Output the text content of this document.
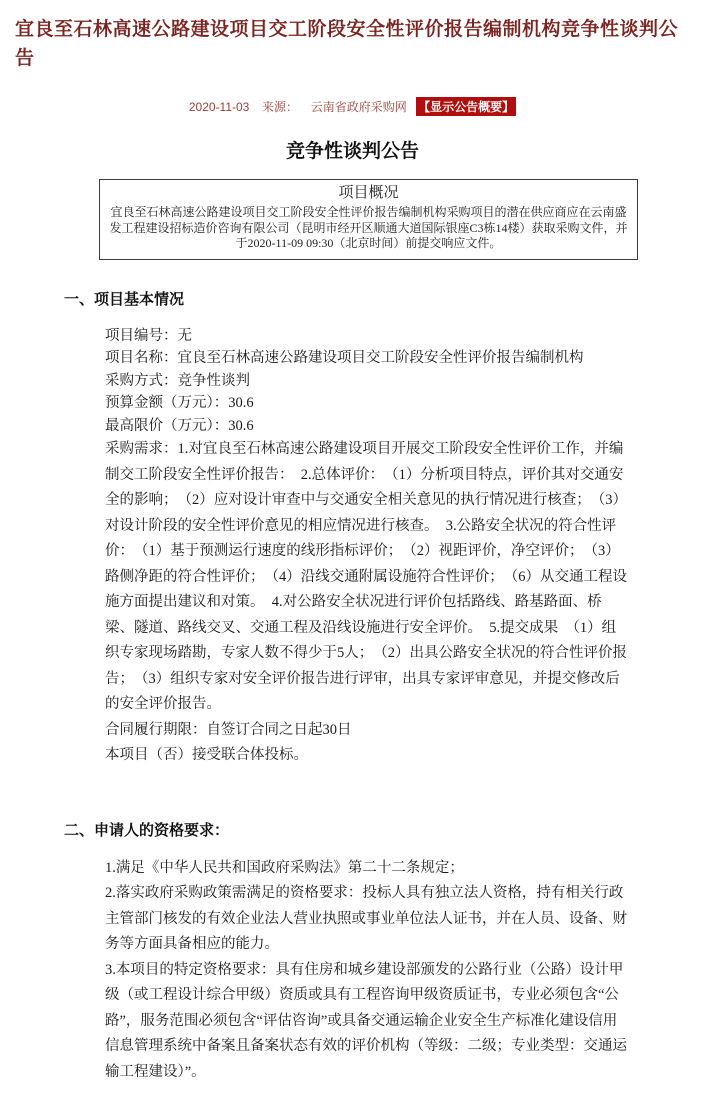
宜良至石林高速公路建设项目交工阶段安全性评价报告编制机构竞争性谈判公告
2020-11-03 来源： 云南省政府采购网 【显示公告概要】
竞争性谈判公告
项目概况
宜良至石林高速公路建设项目交工阶段安全性评价报告编制机构采购项目的潜在供应商应在云南盛发工程建设招标造价咨询有限公司（昆明市经开区顺通大道国际银座C3栋14楼）获取采购文件，并于2020-11-09 09:30（北京时间）前提交响应文件。
一、项目基本情况

项目编号：无

项目名称：宜良至石林高速公路建设项目交工阶段安全性评价报告编制机构

采购方式：竞争性谈判

预算金额（万元）：30.6

最高限价（万元）：30.6

采购需求：1.对宜良至石林高速公路建设项目开展交工阶段安全性评价工作，并编制交工阶段安全性评价报告：　2.总体评价：　（1）分析项目特点，评价其对交通安全的影响；　（2）应对设计审查中与交通安全相关意见的执行情况进行核查；　（3）对设计阶段的安全性评价意见的相应情况进行核查。　3.公路安全状况的符合性评价：　（1）基于预测运行速度的线形指标评价；　（2）视距评价，净空评价；　（3）路侧净距的符合性评价；　（4）沿线交通附属设施符合性评价；　（6）从交通工程设施方面提出建议和对策。　4.对公路安全状况进行评价包括路线、路基路面、桥梁、隧道、路线交叉、交通工程及沿线设施进行安全评价。　5.提交成果　（1）组织专家现场踏勘，专家人数不得少于5人；　（2）出具公路安全状况的符合性评价报告；　（3）组织专家对安全评价报告进行评审，出具专家评审意见，并提交修改后的安全评价报告。

合同履行期限：自签订合同之日起30日

本项目（否）接受联合体投标。

二、申请人的资格要求：

1.满足《中华人民共和国政府采购法》第二十二条规定；

2.落实政府采购政策需满足的资格要求：投标人具有独立法人资格，持有相关行政主管部门核发的有效企业法人营业执照或事业单位法人证书，并在人员、设备、财务等方面具备相应的能力。

3.本项目的特定资格要求：具有住房和城乡建设部颁发的公路行业（公路）设计甲级（或工程设计综合甲级）资质或具有工程咨询甲级资质证书，专业必须包含“公路”，服务范围必须包含“评估咨询”或具备交通运输企业安全生产标准化建设信用信息管理系统中备案且备案状态有效的评价机构（等级：二级；专业类型：交通运输工程建设）”。
